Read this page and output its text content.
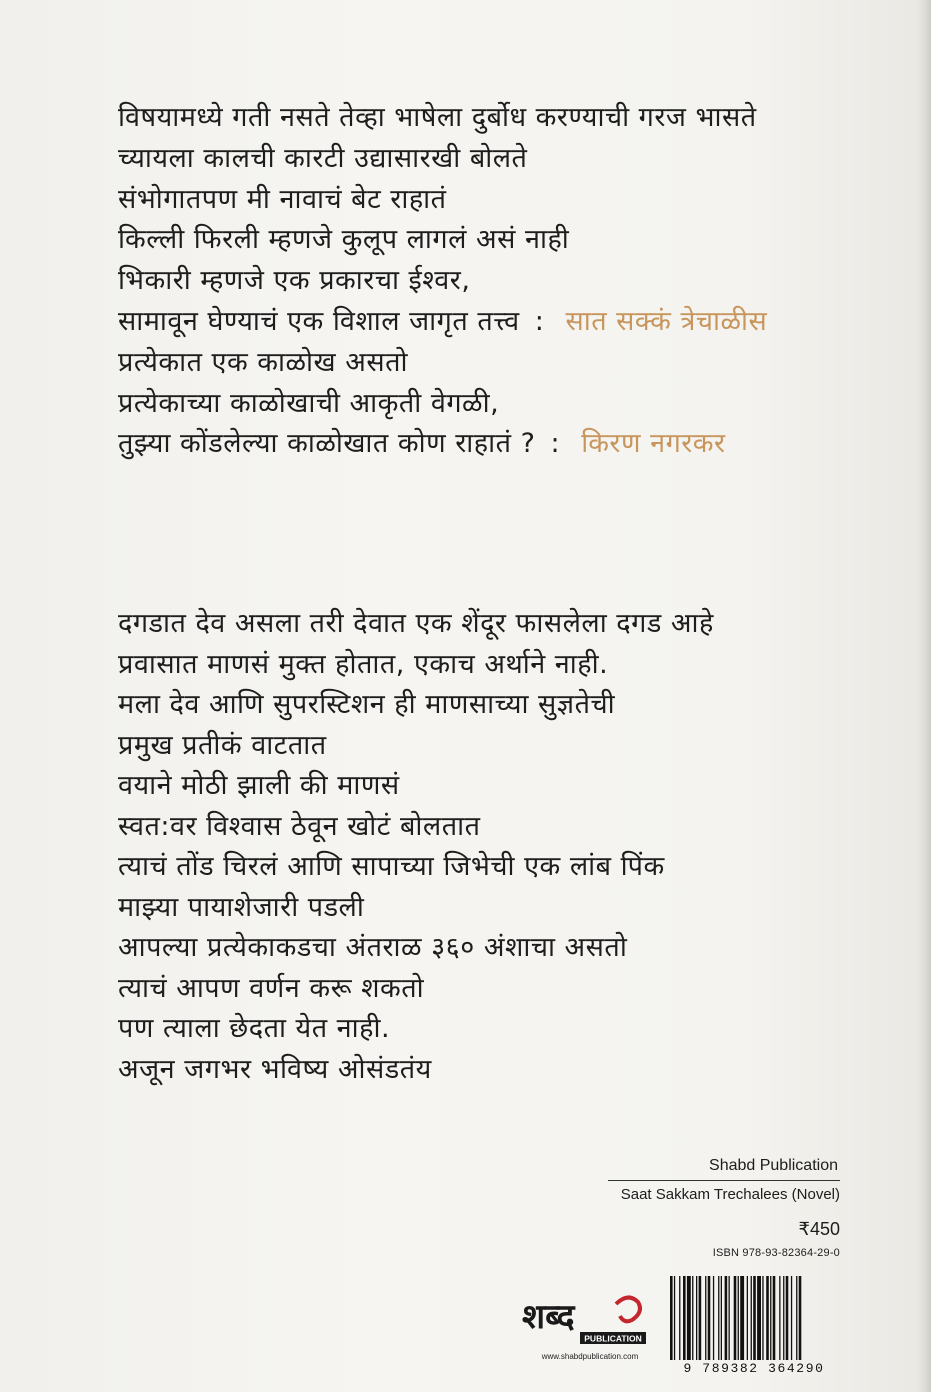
विषयामध्ये गती नसते तेव्हा भाषेला दुर्बोध करण्याची गरज भासते
च्यायला कालची कारटी उद्यासारखी बोलते
संभोगातपण मी नावाचं बेट राहातं
किल्ली फिरली म्हणजे कुलूप लागलं असं नाही
भिकारी म्हणजे एक प्रकारचा ईश्वर,
सामावून घेण्याचं एक विशाल जागृत तत्त्व : सात सक्कं त्रेचाळीस
प्रत्येकात एक काळोख असतो
प्रत्येकाच्या काळोखाची आकृती वेगळी,
तुझ्या कोंडलेल्या काळोखात कोण राहातं ? : किरण नगरकर
दगडात देव असला तरी देवात एक शेंदूर फासलेला दगड आहे
प्रवासात माणसं मुक्त होतात, एकाच अर्थाने नाही.
मला देव आणि सुपरस्टिशन ही माणसाच्या सुज्ञतेची
प्रमुख प्रतीकं वाटतात
वयाने मोठी झाली की माणसं
स्वत:वर विश्वास ठेवून खोटं बोलतात
त्याचं तोंड चिरलं आणि सापाच्या जिभेची एक लांब पिंक
माझ्या पायाशेजारी पडली
आपल्या प्रत्येकाकडचा अंतराळ ३६० अंशाचा असतो
त्याचं आपण वर्णन करू शकतो
पण त्याला छेदता येत नाही.
अजून जगभर भविष्य ओसंडतंय
Shabd Publication
Saat Sakkam Trechalees (Novel)
₹450
ISBN 978-93-82364-29-0
शब्द
PUBLICATION
www.shabdpublication.com
9 789382 364290
